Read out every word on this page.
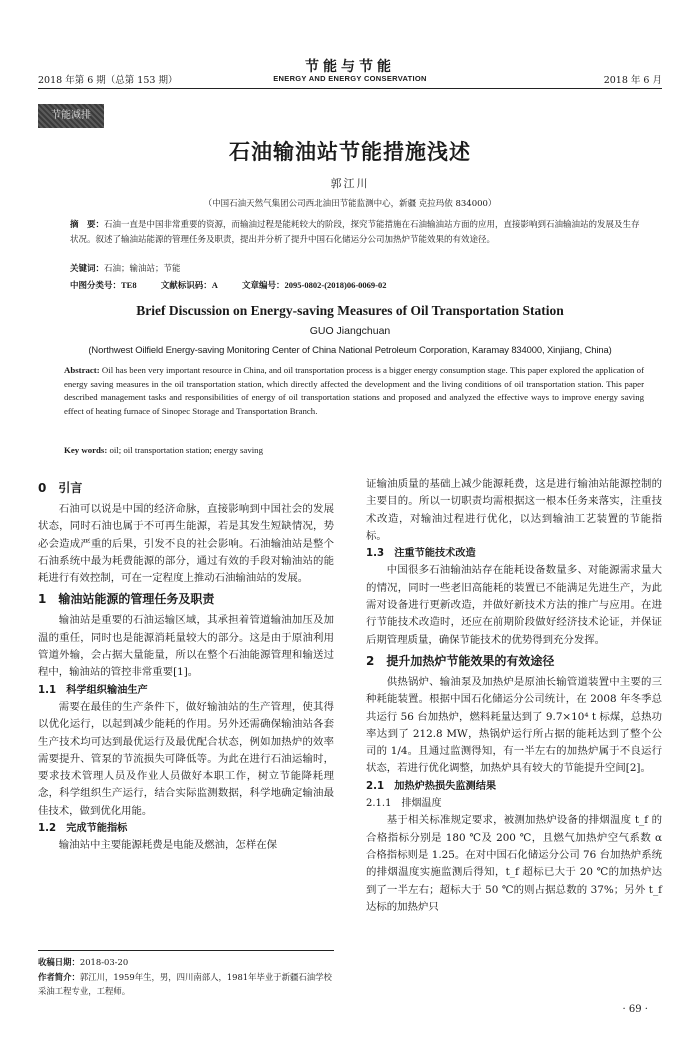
2018 年第 6 期（总第 153 期）
节能与节能
ENERGY AND ENERGY CONSERVATION	2018 年 6 月
节能减排
石油输油站节能措施浅述
郭江川
（中国石油天然气集团公司西北油田节能监测中心，新疆 克拉玛依 834000）
摘　要：石油一直是中国非常重要的资源，而输油过程是能耗较大的阶段，探究节能措施在石油输油站方面的应用，直接影响到石油输油站的发展及生存状况。叙述了输油站能源的管理任务及职责，提出并分析了提升中国石化储运分公司加热炉节能效果的有效途径。
关键词：石油；输油站；节能
中图分类号：TE8	文献标识码：A	文章编号：2095-0802-(2018)06-0069-02
Brief Discussion on Energy-saving Measures of Oil Transportation Station
GUO Jiangchuan
(Northwest Oilfield Energy-saving Monitoring Center of China National Petroleum Corporation, Karamay 834000, Xinjiang, China)
Abstract: Oil has been very important resource in China, and oil transportation process is a bigger energy consumption stage. This paper explored the application of energy saving measures in the oil transportation station, which directly affected the development and the living conditions of oil transportation station. This paper described management tasks and responsibilities of energy of oil transportation stations and proposed and analyzed the effective ways to improve energy saving effect of heating furnace of Sinopec Storage and Transportation Branch.
Key words: oil; oil transportation station; energy saving
0　引言

石油可以说是中国的经济命脉，直接影响到中国社会的发展状态，同时石油也属于不可再生能源，若是其发生短缺情况，势必会造成严重的后果，引发不良的社会影响。石油输油站是整个石油系统中最为耗费能源的部分，通过有效的手段对输油站的能耗进行有效控制，可在一定程度上推动石油输油站的发展。

1　输油站能源的管理任务及职责

输油站是重要的石油运输区域，其承担着管道输油加压及加温的重任，同时也是能源消耗量较大的部分。这是由于原油利用管道外输，会占据大量能量，所以在整个石油能源管理和输送过程中，输油站的管控非常重要[1]。

1.1　科学组织输油生产

需要在最佳的生产条件下，做好输油站的生产管理，使其得以优化运行，以起到减少能耗的作用。另外还需确保输油站各套生产技术均可达到最优运行及最优配合状态，例如加热炉的效率需要提升、管泵的节流损失可降低等。为此在进行石油运输时，要求技术管理人员及作业人员做好本职工作，树立节能降耗理念，科学组织生产运行，结合实际监测数据，科学地确定输油最佳技术，做到优化用能。

1.2　完成节能指标

输油站中主要能源耗费是电能及燃油，怎样在保

证输油质量的基础上减少能源耗费，这是进行输油站能源控制的主要目的。所以一切职责均需根据这一根本任务来落实，注重技术改造，对输油过程进行优化，以达到输油工艺装置的节能指标。

1.3　注重节能技术改造

中国很多石油输油站存在能耗设备数量多、对能源需求量大的情况，同时一些老旧高能耗的装置已不能满足先进生产，为此需对设备进行更新改造，并做好新技术方法的推广与应用。在进行节能技术改造时，还应在前期阶段做好经济技术论证，并保证后期管理质量，确保节能技术的优势得到充分发挥。

2　提升加热炉节能效果的有效途径

供热锅炉、输油泵及加热炉是原油长输管道装置中主要的三种耗能装置。根据中国石化储运分公司统计，在 2008 年冬季总共运行 56 台加热炉，燃料耗量达到了 9.7×10⁴ t 标煤，总热功率达到了 212.8 MW，热锅炉运行所占据的能耗达到了整个公司的 1/4。且通过监测得知，有一半左右的加热炉属于不良运行状态，若进行优化调整，加热炉具有较大的节能提升空间[2]。

2.1　加热炉热损失监测结果
2.1.1　排烟温度

基于相关标准规定要求，被测加热炉设备的排烟温度 t_f 的合格指标分别是 180 ℃及 200 ℃，且燃气加热炉空气系数 α 合格指标则是 1.25。在对中国石化储运分公司 76 台加热炉系统的排烟温度实施监测后得知，t_f 超标已大于 20 ℃的加热炉达到了一半左右；超标大于 50 ℃的则占据总数的 37%；另外 t_f 达标的加热炉只

收稿日期：2018-03-20
作者简介：郭江川，1959年生，男，四川南部人，1981年毕业于新疆石油学校采油工程专业，工程师。
· 69 ·
